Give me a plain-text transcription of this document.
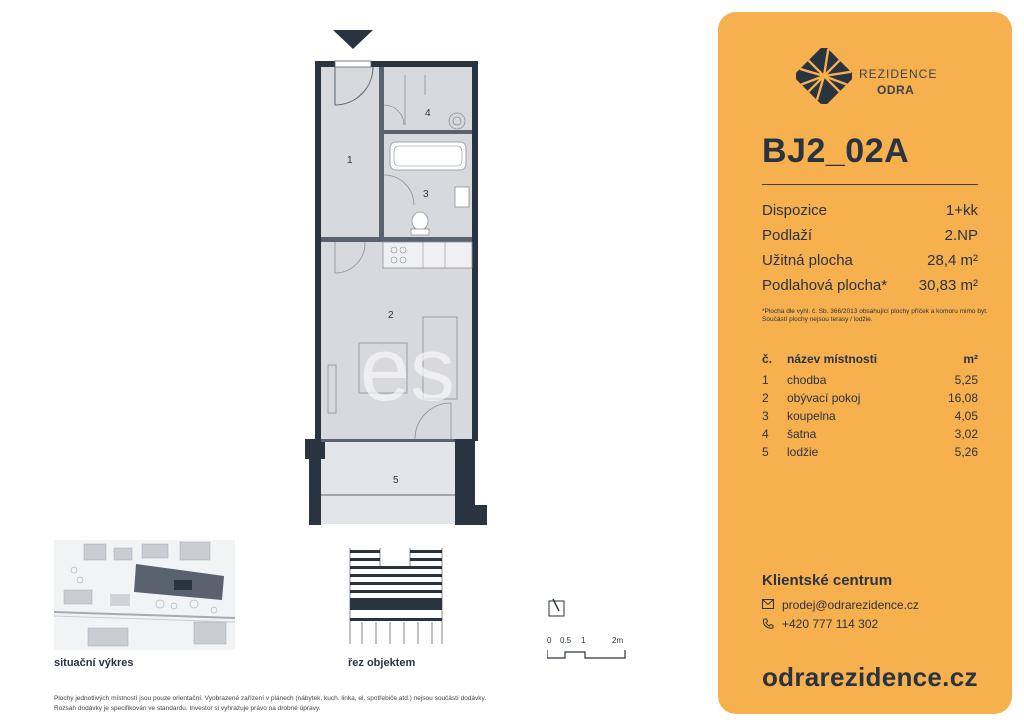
es
1
2
3
4
5
situační výkres	řez objektem
0 0.5 1	2m
Plochy jednotlivých místností jsou pouze orientační. Vyobrazené zařízení v plánech (nábytek, kuch. linka, el. spotřebiče atd.) nejsou součástí dodávky.
Rozsah dodávky je specifikován ve standardu. Investor si vyhrazuje právo na drobné úpravy.
REZIDENCE
ODRA
BJ2_02A
Dispozice	1+kk
Podlaží	2.NP
Užitná plocha	28,4 m²
Podlahová plocha* 30,83 m²
*Plocha dle vyhl. č. Sb. 366/2013 obsahující plochy příček a komoru mimo byt. Součástí plochy nejsou terasy / lodžie.
č. název místnosti	m²
1 chodba	5,25
2 obývací pokoj	16,08
3 koupelna	4,05
4 šatna	3,02
5 lodžie	5,26
Klientské centrum
prodej@odrarezidence.cz
+420 777 114 302
odrarezidence.cz
